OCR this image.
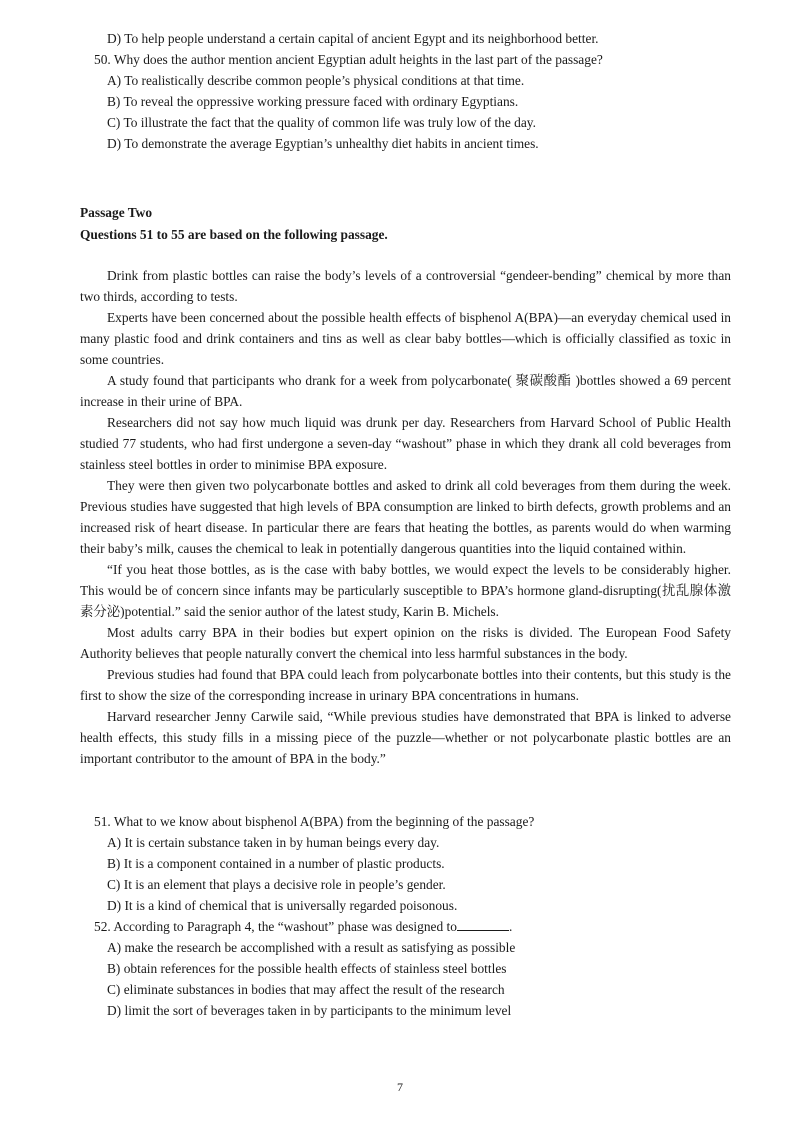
D) To help people understand a certain capital of ancient Egypt and its neighborhood better.
50. Why does the author mention ancient Egyptian adult heights in the last part of the passage?
A) To realistically describe common people’s physical conditions at that time.
B) To reveal the oppressive working pressure faced with ordinary Egyptians.
C) To illustrate the fact that the quality of common life was truly low of the day.
D) To demonstrate the average Egyptian’s unhealthy diet habits in ancient times.
Passage Two
Questions 51 to 55 are based on the following passage.

Drink from plastic bottles can raise the body’s levels of a controversial “gendeer-bending” chemical by more than two thirds, according to tests.

Experts have been concerned about the possible health effects of bisphenol A(BPA)—an everyday chemical used in many plastic food and drink containers and tins as well as clear baby bottles—which is officially classified as toxic in some countries.

A study found that participants who drank for a week from polycarbonate( 聚碳酸酯 )bottles showed a 69 percent increase in their urine of BPA.

Researchers did not say how much liquid was drunk per day. Researchers from Harvard School of Public Health studied 77 students, who had first undergone a seven-day “washout” phase in which they drank all cold beverages from stainless steel bottles in order to minimise BPA exposure.

They were then given two polycarbonate bottles and asked to drink all cold beverages from them during the week. Previous studies have suggested that high levels of BPA consumption are linked to birth defects, growth problems and an increased risk of heart disease. In particular there are fears that heating the bottles, as parents would do when warming their baby’s milk, causes the chemical to leak in potentially dangerous quantities into the liquid contained within.

“If you heat those bottles, as is the case with baby bottles, we would expect the levels to be considerably higher. This would be of concern since infants may be particularly susceptible to BPA’s hormone gland-disrupting(扰乱腺体激素分泌)potential.” said the senior author of the latest study, Karin B. Michels.

Most adults carry BPA in their bodies but expert opinion on the risks is divided. The European Food Safety Authority believes that people naturally convert the chemical into less harmful substances in the body.

Previous studies had found that BPA could leach from polycarbonate bottles into their contents, but this study is the first to show the size of the corresponding increase in urinary BPA concentrations in humans.

Harvard researcher Jenny Carwile said, “While previous studies have demonstrated that BPA is linked to adverse health effects, this study fills in a missing piece of the puzzle—whether or not polycarbonate plastic bottles are an important contributor to the amount of BPA in the body.”

51. What to we know about bisphenol A(BPA) from the beginning of the passage?
A) It is certain substance taken in by human beings every day.
B) It is a component contained in a number of plastic products.
C) It is an element that plays a decisive role in people’s gender.
D) It is a kind of chemical that is universally regarded poisonous.
52. According to Paragraph 4, the “washout” phase was designed to	.
A) make the research be accomplished with a result as satisfying as possible
B) obtain references for the possible health effects of stainless steel bottles
C) eliminate substances in bodies that may affect the result of the research
D) limit the sort of beverages taken in by participants to the minimum level
7
